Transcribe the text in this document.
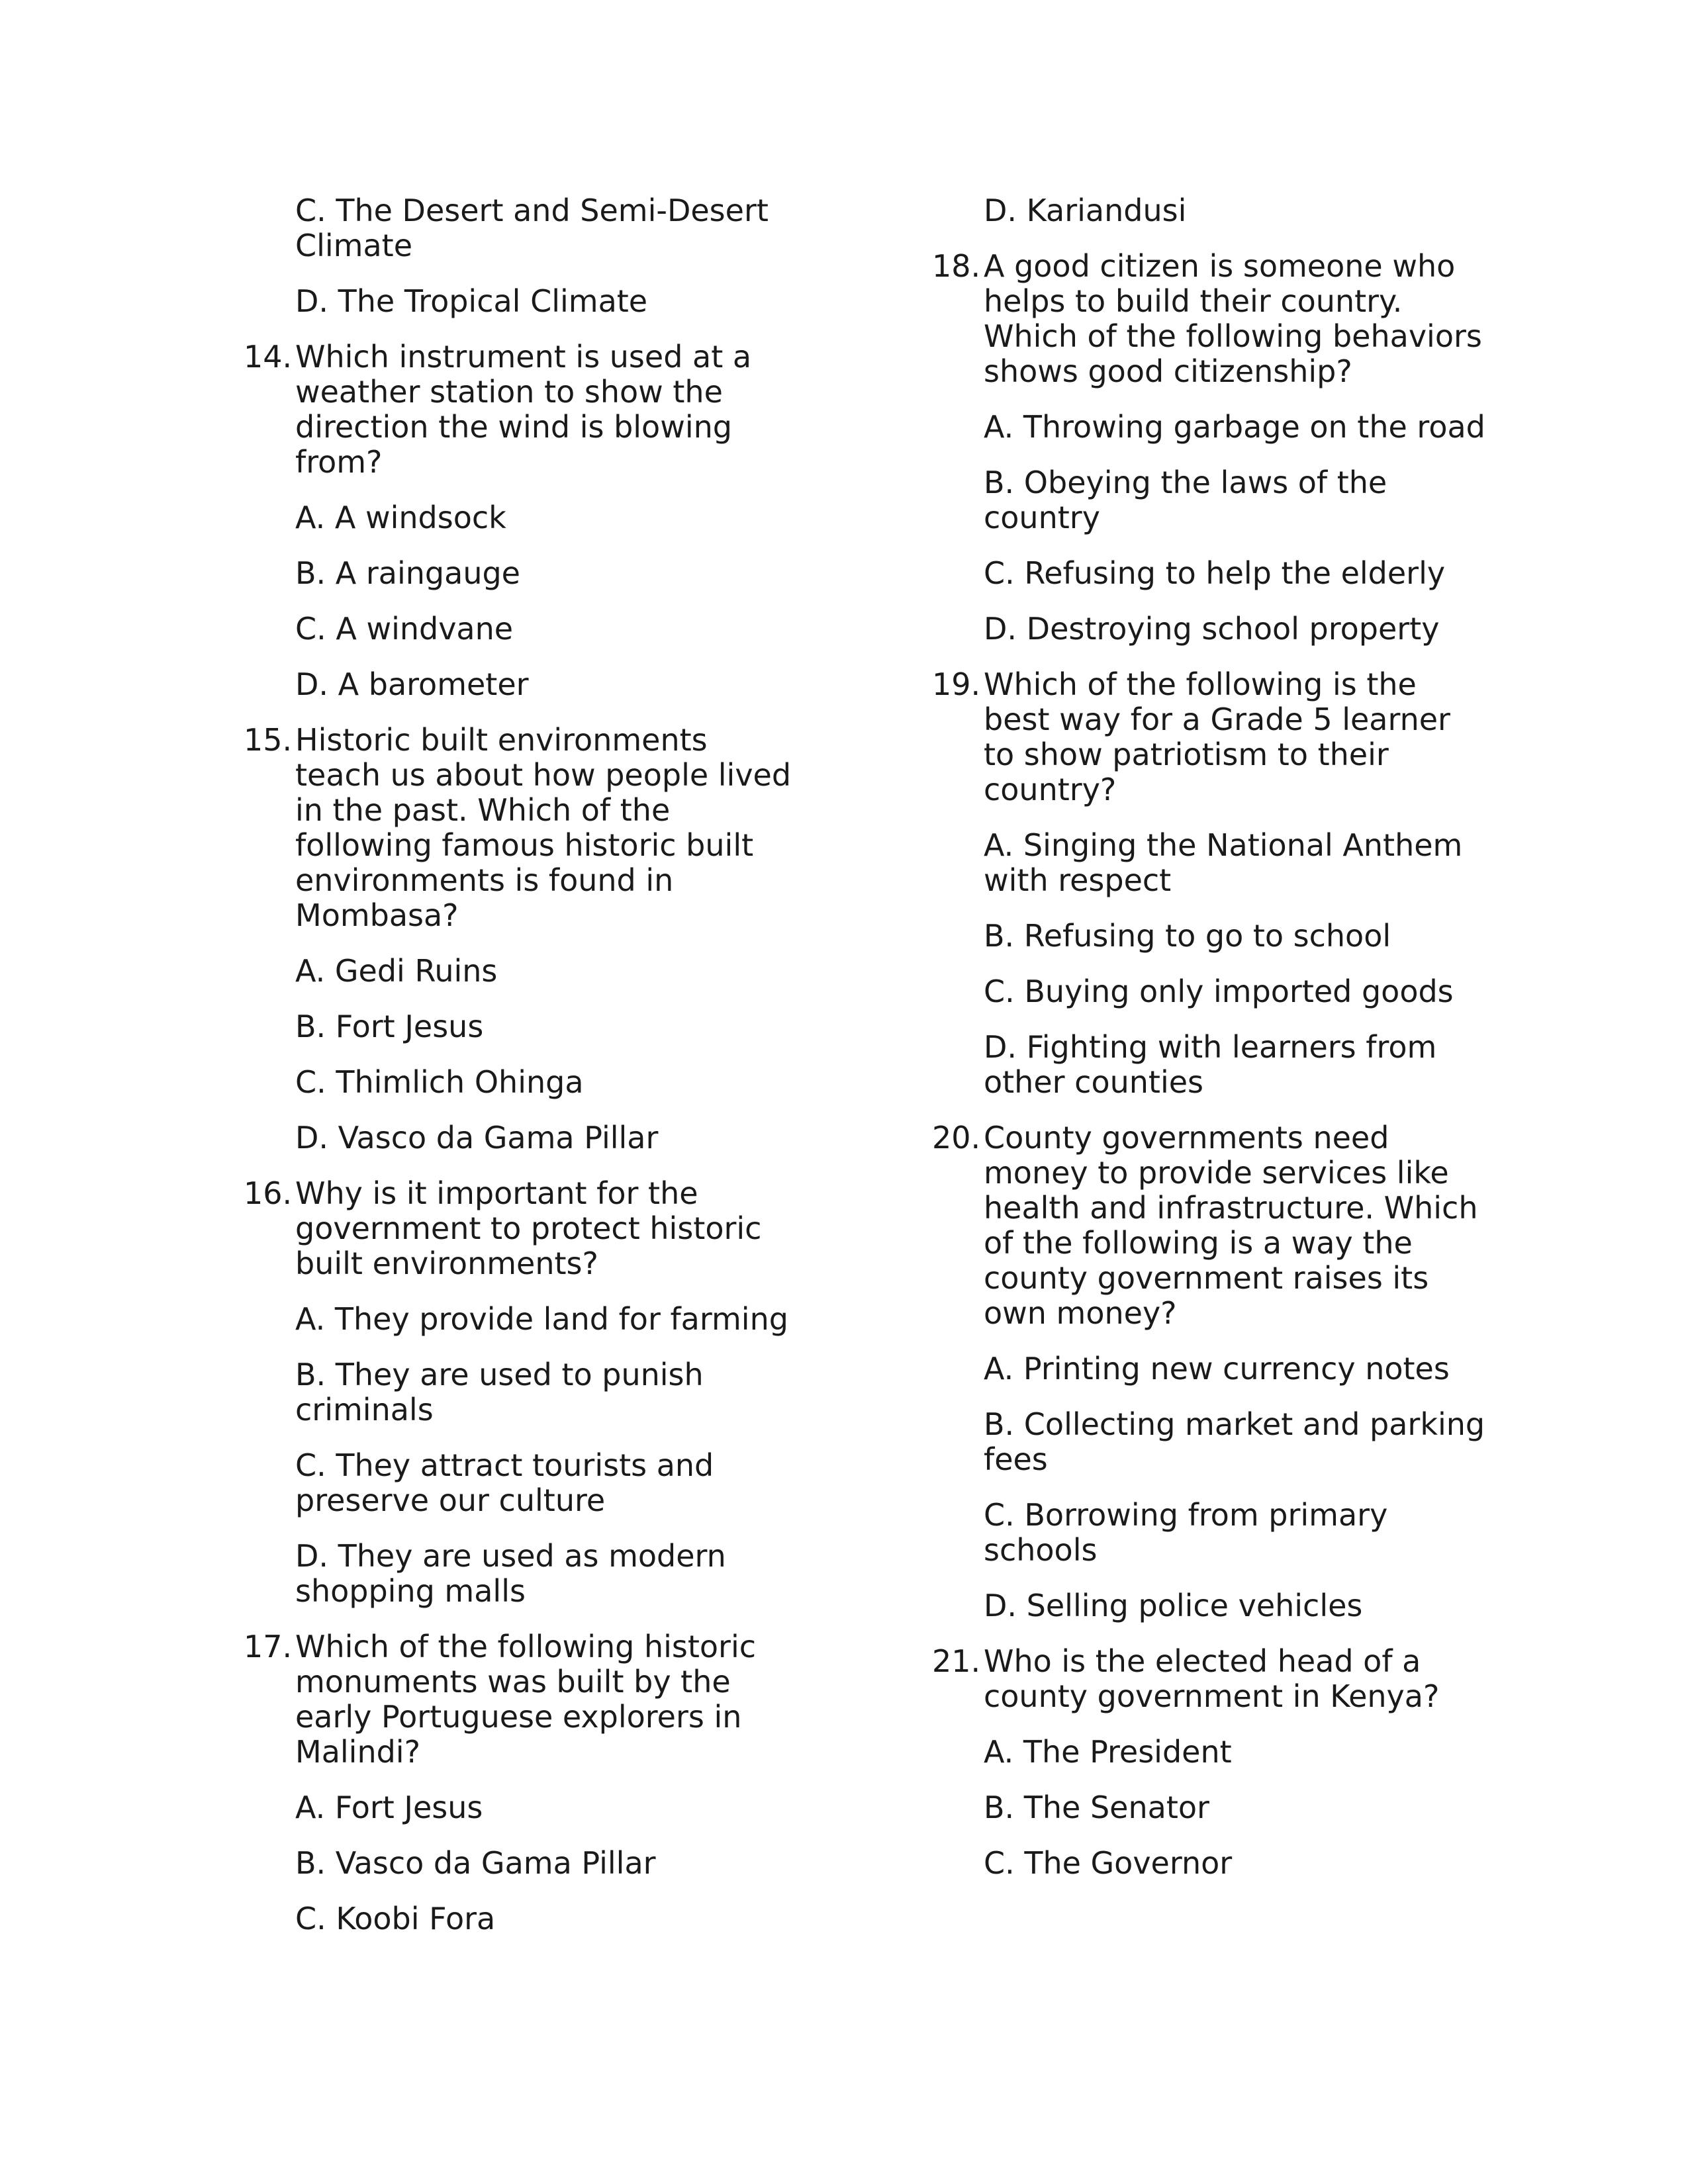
C. The Desert and Semi-Desert Climate
D. The Tropical Climate
14. Which instrument is used at a weather station to show the direction the wind is blowing from?
A. A windsock
B. A raingauge
C. A windvane
D. A barometer
15. Historic built environments teach us about how people lived in the past. Which of the following famous historic built environments is found in Mombasa?
A. Gedi Ruins
B. Fort Jesus
C. Thimlich Ohinga
D. Vasco da Gama Pillar
16. Why is it important for the government to protect historic built environments?
A. They provide land for farming
B. They are used to punish criminals
C. They attract tourists and preserve our culture
D. They are used as modern shopping malls
17. Which of the following historic monuments was built by the early Portuguese explorers in Malindi?
A. Fort Jesus
B. Vasco da Gama Pillar
C. Koobi Fora
D. Kariandusi
18. A good citizen is someone who helps to build their country. Which of the following behaviors shows good citizenship?
A. Throwing garbage on the road
B. Obeying the laws of the country
C. Refusing to help the elderly
D. Destroying school property
19. Which of the following is the best way for a Grade 5 learner to show patriotism to their country?
A. Singing the National Anthem with respect
B. Refusing to go to school
C. Buying only imported goods
D. Fighting with learners from other counties
20. County governments need money to provide services like health and infrastructure. Which of the following is a way the county government raises its own money?
A. Printing new currency notes
B. Collecting market and parking fees
C. Borrowing from primary schools
D. Selling police vehicles
21. Who is the elected head of a county government in Kenya?
A. The President
B. The Senator
C. The Governor
